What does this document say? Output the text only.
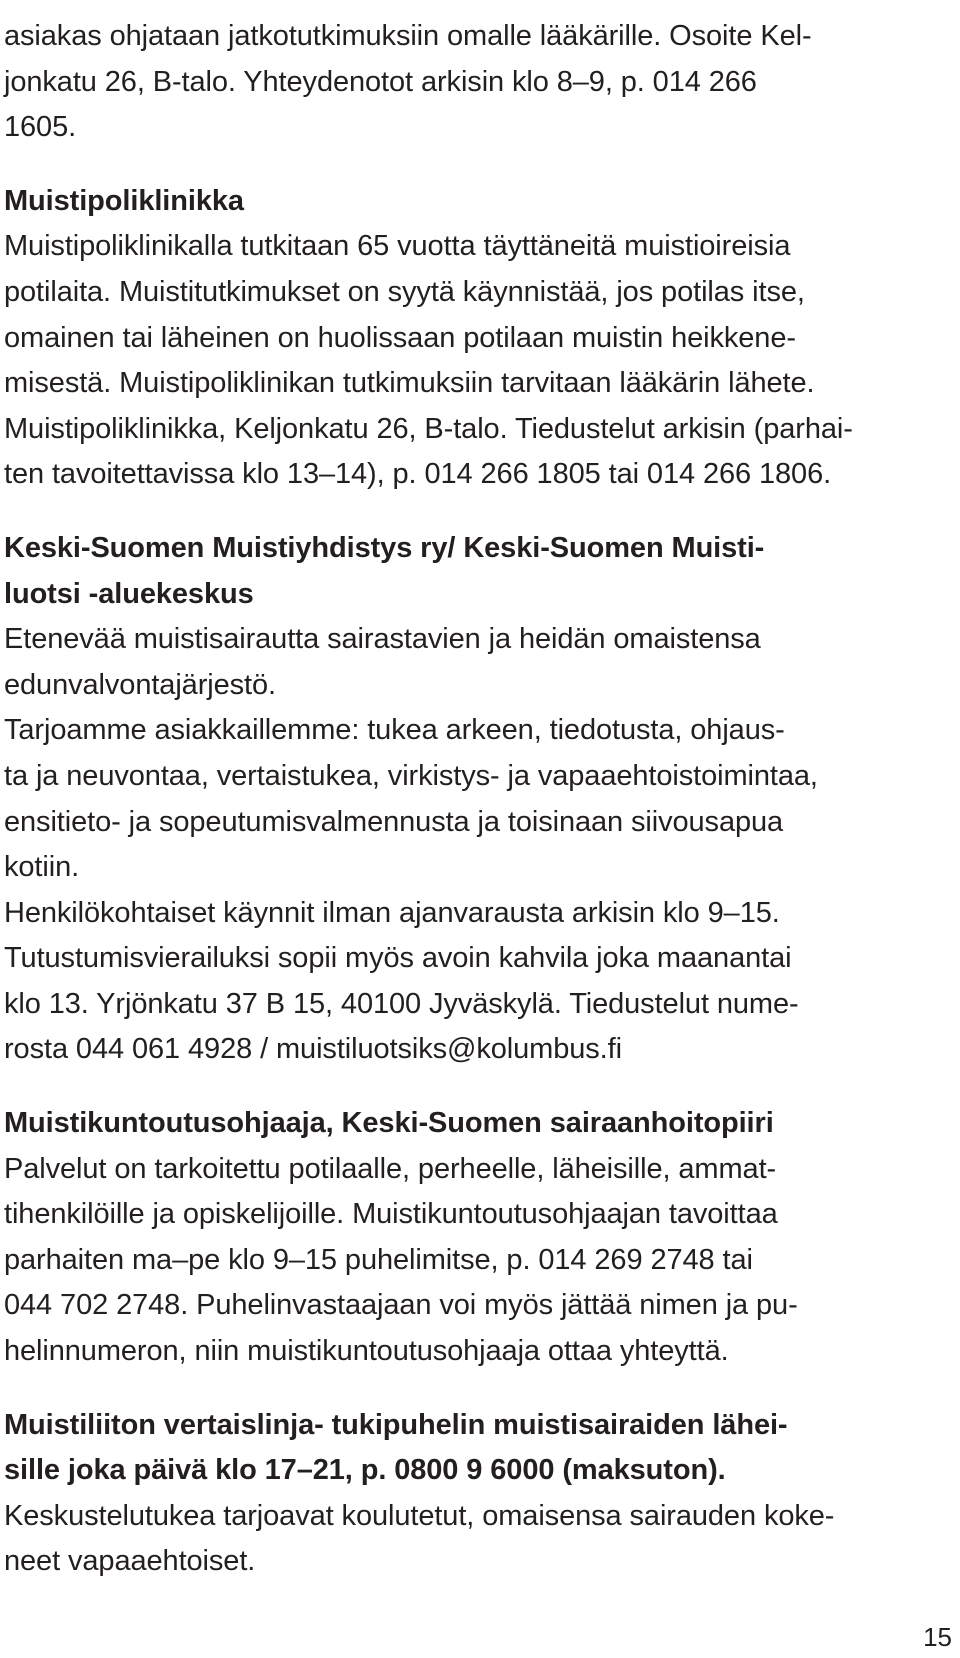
asiakas ohjataan jatkotutkimuksiin omalle lääkärille. Osoite Kel-
jonkatu 26, B-talo. Yhteydenotot arkisin klo 8–9, p. 014 266
1605.
Muistipoliklinikka
Muistipoliklinikalla tutkitaan 65 vuotta täyttäneitä muistioireisia
potilaita. Muistitutkimukset on syytä käynnistää, jos potilas itse,
omainen tai läheinen on huolissaan potilaan muistin heikkene-
misestä. Muistipoliklinikan tutkimuksiin tarvitaan lääkärin lähete.
Muistipoliklinikka, Keljonkatu 26, B-talo. Tiedustelut arkisin (parhai-
ten tavoitettavissa klo 13–14), p. 014 266 1805 tai 014 266 1806.
Keski-Suomen Muistiyhdistys ry/ Keski-Suomen Muisti-
luotsi -aluekeskus
Etenevää muistisairautta sairastavien ja heidän omaistensa
edunvalvontajärjestö.
Tarjoamme asiakkaillemme: tukea arkeen, tiedotusta, ohjaus-
ta ja neuvontaa, vertaistukea, virkistys- ja vapaaehtoistoimintaa,
ensitieto- ja sopeutumisvalmennusta ja toisinaan siivousapua
kotiin.
Henkilökohtaiset käynnit ilman ajanvarausta arkisin klo 9–15.
Tutustumisvierailuksi sopii myös avoin kahvila joka maanantai
klo 13. Yrjönkatu 37 B 15, 40100 Jyväskylä. Tiedustelut nume-
rosta 044 061 4928 / muistiluotsiks@kolumbus.fi
Muistikuntoutusohjaaja, Keski-Suomen sairaanhoitopiiri
Palvelut on tarkoitettu potilaalle, perheelle, läheisille, ammat-
tihenkilöille ja opiskelijoille. Muistikuntoutusohjaajan tavoittaa
parhaiten ma–pe klo 9–15 puhelimitse, p. 014 269 2748 tai
044 702 2748. Puhelinvastaajaan voi myös jättää nimen ja pu-
helinnumeron, niin muistikuntoutusohjaaja ottaa yhteyttä.
Muistiliiton vertaislinja- tukipuhelin muistisairaiden lähei-
sille joka päivä klo 17–21, p. 0800 9 6000 (maksuton).
Keskustelutukea tarjoavat koulutetut, omaisensa sairauden koke-
neet vapaaehtoiset.
15
